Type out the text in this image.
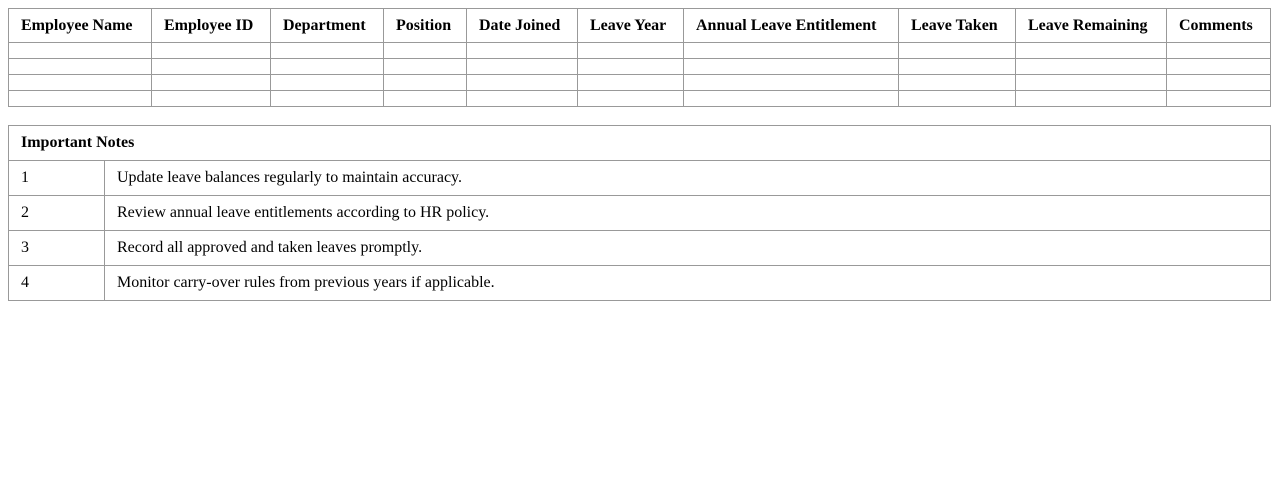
Employee Name	Employee ID	Department	Position	Date Joined	Leave Year	Annual Leave Entitlement	Leave Taken	Leave Remaining	Comments

Important Notes	
1	Update leave balances regularly to maintain accuracy.
2	Review annual leave entitlements according to HR policy.
3	Record all approved and taken leaves promptly.
4	Monitor carry-over rules from previous years if applicable.
